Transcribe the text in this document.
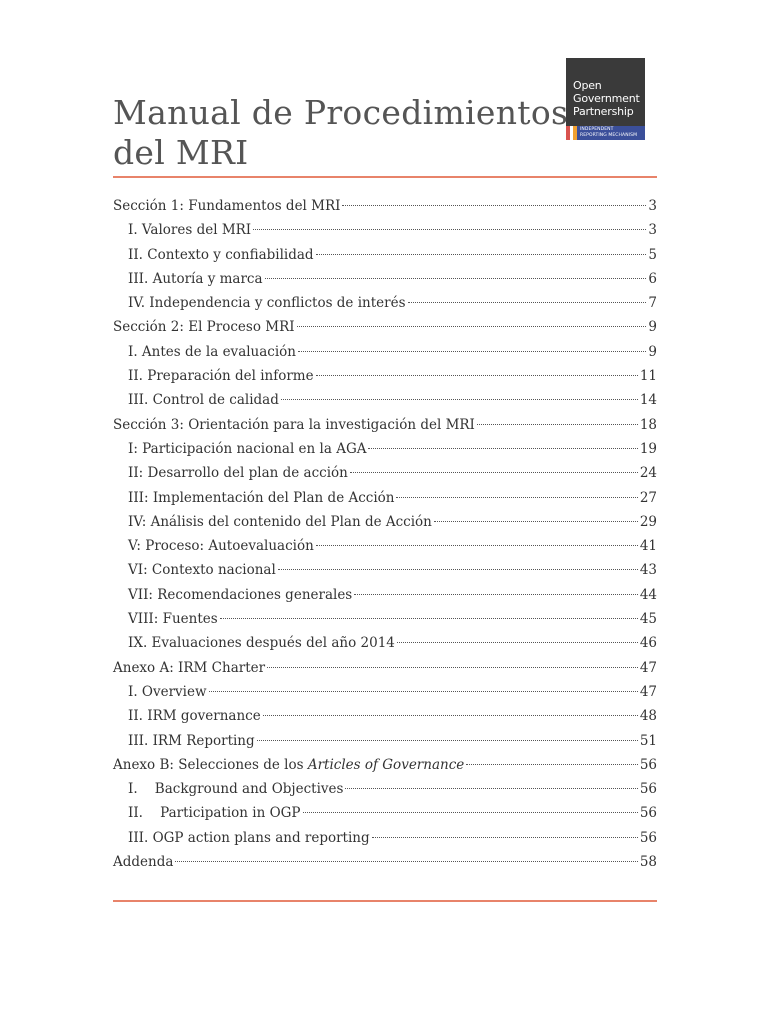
Open
Government
Partnership
INDEPENDENT
REPORTING MECHANISM
Manual de Procedimientos
del MRI
Sección 1: Fundamentos del MRI	3
I. Valores del MRI	3
II. Contexto y confiabilidad	5
III. Autoría y marca	6
IV. Independencia y conflictos de interés	7
Sección 2: El Proceso MRI	9
I. Antes de la evaluación	9
II. Preparación del informe	11
III. Control de calidad	14
Sección 3: Orientación para la investigación del MRI	18
I: Participación nacional en la AGA	19
II: Desarrollo del plan de acción	24
III: Implementación del Plan de Acción	27
IV: Análisis del contenido del Plan de Acción	29
V: Proceso: Autoevaluación	41
VI: Contexto nacional	43
VII: Recomendaciones generales	44
VIII: Fuentes	45
IX. Evaluaciones después del año 2014	46
Anexo A: IRM Charter	47
I. Overview	47
II. IRM governance	48
III. IRM Reporting	51
Anexo B: Selecciones de los Articles of Governance	56
I.    Background and Objectives	56
II.    Participation in OGP	56
III. OGP action plans and reporting	56
Addenda	58
